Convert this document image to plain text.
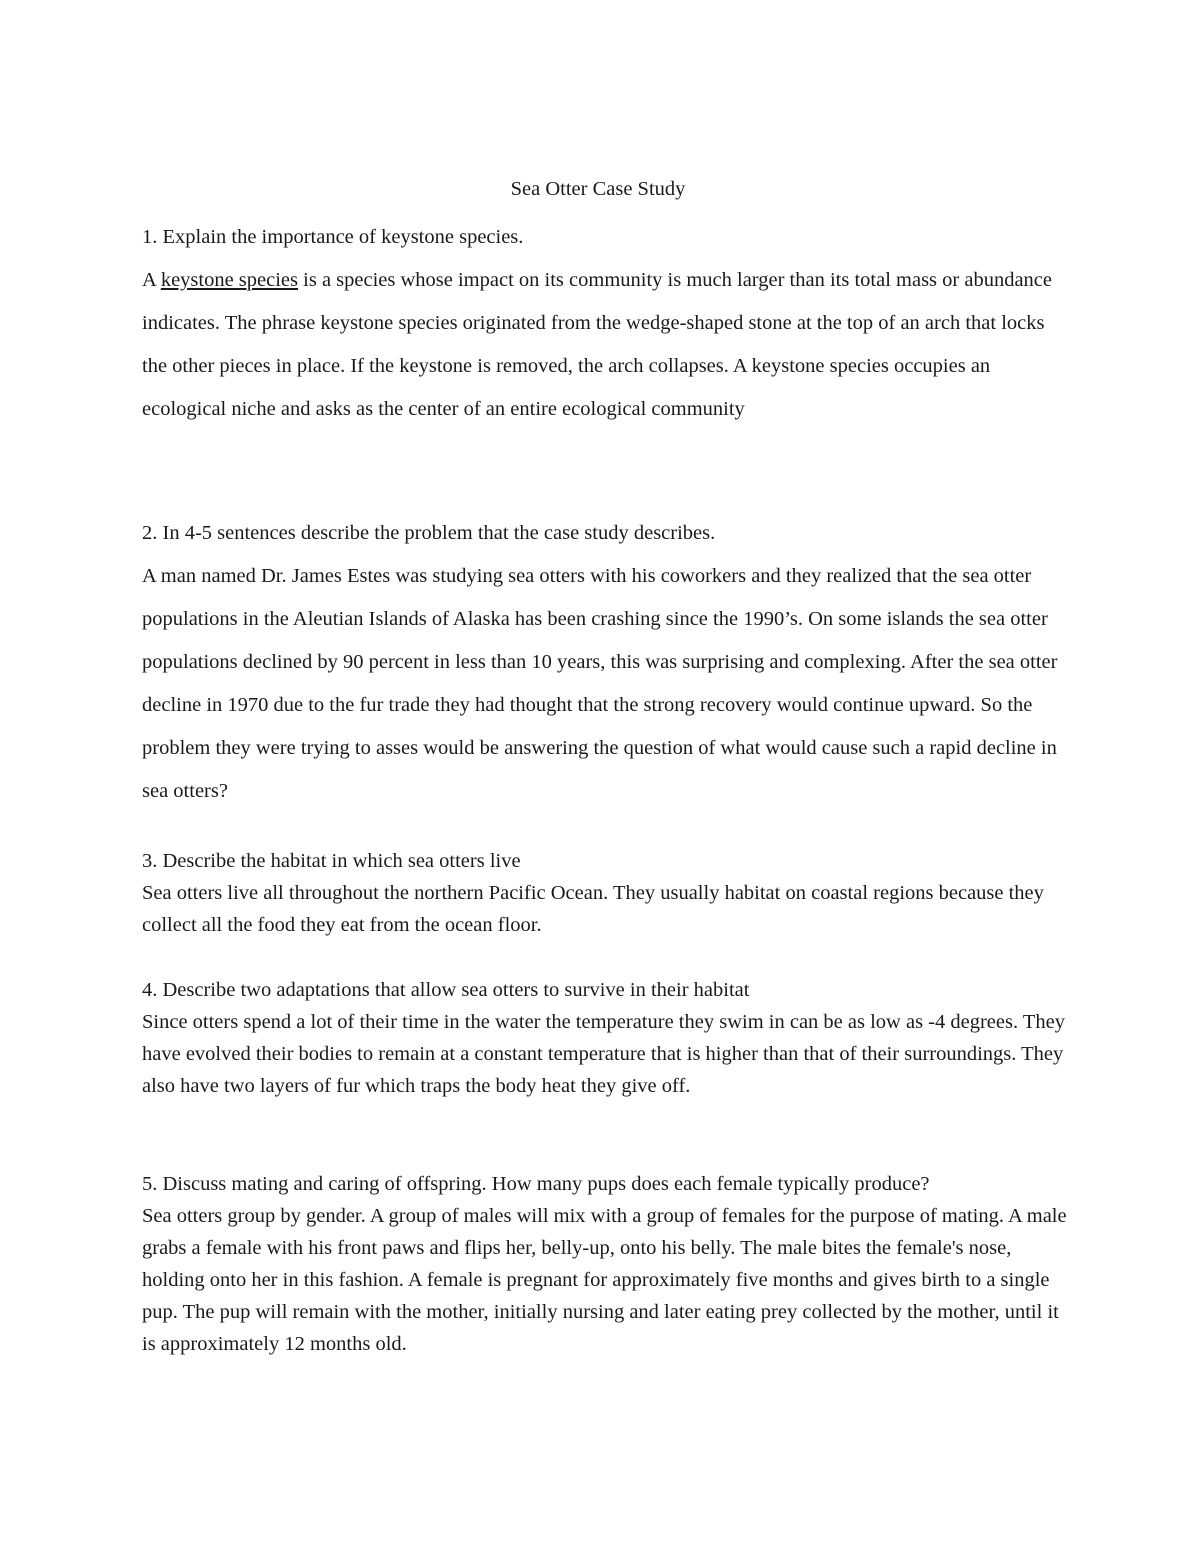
Sea Otter Case Study

1. Explain the importance of keystone species.

A keystone species is a species whose impact on its community is much larger than its total mass or abundance indicates. The phrase keystone species originated from the wedge-shaped stone at the top of an arch that locks the other pieces in place. If the keystone is removed, the arch collapses. A keystone species occupies an ecological niche and asks as the center of an entire ecological community

2. In 4-5 sentences describe the problem that the case study describes.

A man named Dr. James Estes was studying sea otters with his coworkers and they realized that the sea otter populations in the Aleutian Islands of Alaska has been crashing since the 1990’s. On some islands the sea otter populations declined by 90 percent in less than 10 years, this was surprising and complexing. After the sea otter decline in 1970 due to the fur trade they had thought that the strong recovery would continue upward. So the problem they were trying to asses would be answering the question of what would cause such a rapid decline in sea otters?

3. Describe the habitat in which sea otters live

Sea otters live all throughout the northern Pacific Ocean. They usually habitat on coastal regions because they collect all the food they eat from the ocean floor.

4. Describe two adaptations that allow sea otters to survive in their habitat

Since otters spend a lot of their time in the water the temperature they swim in can be as low as -4 degrees. They have evolved their bodies to remain at a constant temperature that is higher than that of their surroundings. They also have two layers of fur which traps the body heat they give off.

5. Discuss mating and caring of offspring. How many pups does each female typically produce?

Sea otters group by gender. A group of males will mix with a group of females for the purpose of mating. A male grabs a female with his front paws and flips her, belly-up, onto his belly. The male bites the female's nose, holding onto her in this fashion. A female is pregnant for approximately five months and gives birth to a single pup. The pup will remain with the mother, initially nursing and later eating prey collected by the mother, until it is approximately 12 months old.
